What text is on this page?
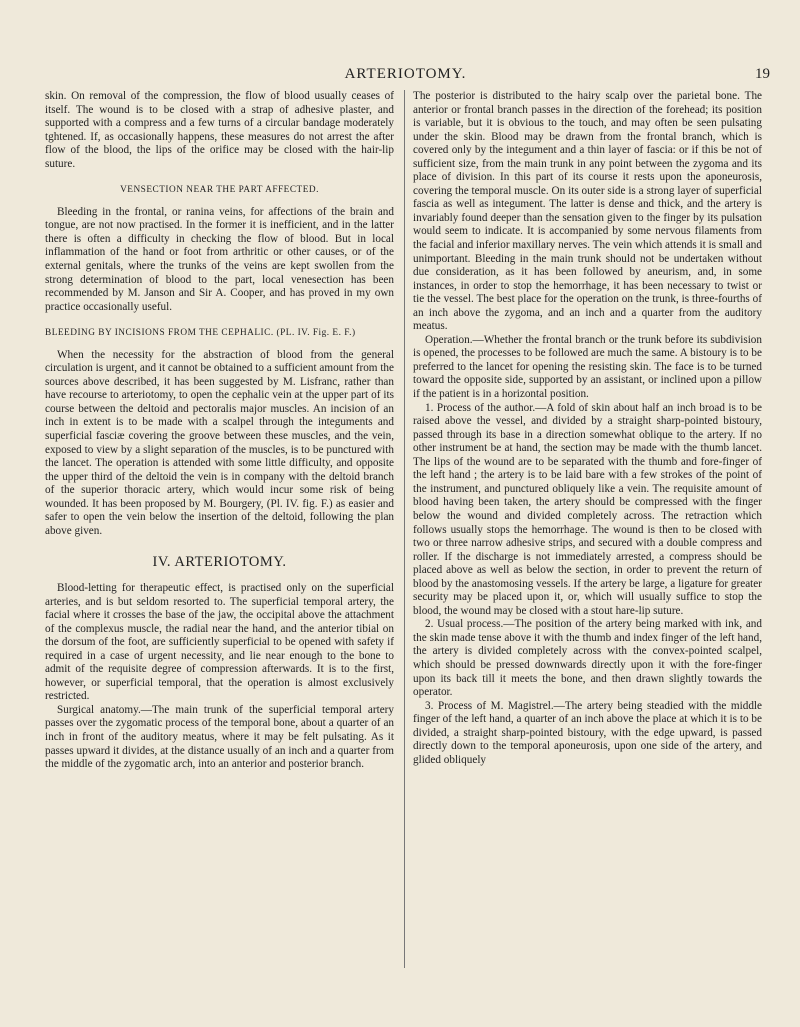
ARTERIOTOMY.	19

skin. On removal of the compression, the flow of blood usually ceases of itself. The wound is to be closed with a strap of adhesive plaster, and supported with a compress and a few turns of a circular bandage moderately tghtened. If, as occasionally happens, these measures do not arrest the after flow of the blood, the lips of the orifice may be closed with the hair-lip suture.

VENSECTION NEAR THE PART AFFECTED.

Bleeding in the frontal, or ranina veins, for affections of the brain and tongue, are not now practised. In the former it is inefficient, and in the latter there is often a difficulty in checking the flow of blood. But in local inflammation of the hand or foot from arthritic or other causes, or of the external genitals, where the trunks of the veins are kept swollen from the strong determination of blood to the part, local venesection has been recommended by M. Janson and Sir A. Cooper, and has proved in my own practice occasionally useful.

BLEEDING BY INCISIONS FROM THE CEPHALIC. (PL. IV. Fig. E. F.)

When the necessity for the abstraction of blood from the general circulation is urgent, and it cannot be obtained to a sufficient amount from the sources above described, it has been suggested by M. Lisfranc, rather than have recourse to arteriotomy, to open the cephalic vein at the upper part of its course between the deltoid and pectoralis major muscles. An incision of an inch in extent is to be made with a scalpel through the integuments and superficial fasciæ covering the groove between these muscles, and the vein, exposed to view by a slight separation of the muscles, is to be punctured with the lancet. The operation is attended with some little difficulty, and opposite the upper third of the deltoid the vein is in company with the deltoid branch of the superior thoracic artery, which would incur some risk of being wounded. It has been proposed by M. Bourgery, (Pl. IV. fig. F.) as easier and safer to open the vein below the insertion of the deltoid, following the plan above given.

IV. ARTERIOTOMY.

Blood-letting for therapeutic effect, is practised only on the superficial arteries, and is but seldom resorted to. The superficial temporal artery, the facial where it crosses the base of the jaw, the occipital above the attachment of the complexus muscle, the radial near the hand, and the anterior tibial on the dorsum of the foot, are sufficiently superficial to be opened with safety if required in a case of urgent necessity, and lie near enough to the bone to admit of the requisite degree of compression afterwards. It is to the first, however, or superficial temporal, that the operation is almost exclusively restricted.

Surgical anatomy.—The main trunk of the superficial temporal artery passes over the zygomatic process of the temporal bone, about a quarter of an inch in front of the auditory meatus, where it may be felt pulsating. As it passes upward it divides, at the distance usually of an inch and a quarter from the middle of the zygomatic arch, into an anterior and posterior branch.

The posterior is distributed to the hairy scalp over the parietal bone. The anterior or frontal branch passes in the direction of the forehead; its position is variable, but it is obvious to the touch, and may often be seen pulsating under the skin. Blood may be drawn from the frontal branch, which is covered only by the integument and a thin layer of fascia: or if this be not of sufficient size, from the main trunk in any point between the zygoma and its place of division. In this part of its course it rests upon the aponeurosis, covering the temporal muscle. On its outer side is a strong layer of superficial fascia as well as integument. The latter is dense and thick, and the artery is invariably found deeper than the sensation given to the finger by its pulsation would seem to indicate. It is accompanied by some nervous filaments from the facial and inferior maxillary nerves. The vein which attends it is small and unimportant. Bleeding in the main trunk should not be undertaken without due consideration, as it has been followed by aneurism, and, in some instances, in order to stop the hemorrhage, it has been necessary to twist or tie the vessel. The best place for the operation on the trunk, is three-fourths of an inch above the zygoma, and an inch and a quarter from the auditory meatus.

Operation.—Whether the frontal branch or the trunk before its subdivision is opened, the processes to be followed are much the same. A bistoury is to be preferred to the lancet for opening the resisting skin. The face is to be turned toward the opposite side, supported by an assistant, or inclined upon a pillow if the patient is in a horizontal position.

1. Process of the author.—A fold of skin about half an inch broad is to be raised above the vessel, and divided by a straight sharp-pointed bistoury, passed through its base in a direction somewhat oblique to the artery. If no other instrument be at hand, the section may be made with the thumb lancet. The lips of the wound are to be separated with the thumb and fore-finger of the left hand ; the artery is to be laid bare with a few strokes of the point of the instrument, and punctured obliquely like a vein. The requisite amount of blood having been taken, the artery should be compressed with the finger below the wound and divided completely across. The retraction which follows usually stops the hemorrhage. The wound is then to be closed with two or three narrow adhesive strips, and secured with a double compress and roller. If the discharge is not immediately arrested, a compress should be placed above as well as below the section, in order to prevent the return of blood by the anastomosing vessels. If the artery be large, a ligature for greater security may be placed upon it, or, which will usually suffice to stop the blood, the wound may be closed with a stout hare-lip suture.

2. Usual process.—The position of the artery being marked with ink, and the skin made tense above it with the thumb and index finger of the left hand, the artery is divided completely across with the convex-pointed scalpel, which should be pressed downwards directly upon it with the fore-finger upon its back till it meets the bone, and then drawn slightly towards the operator.

3. Process of M. Magistrel.—The artery being steadied with the middle finger of the left hand, a quarter of an inch above the place at which it is to be divided, a straight sharp-pointed bistoury, with the edge upward, is passed directly down to the temporal aponeurosis, upon one side of the artery, and glided obliquely
